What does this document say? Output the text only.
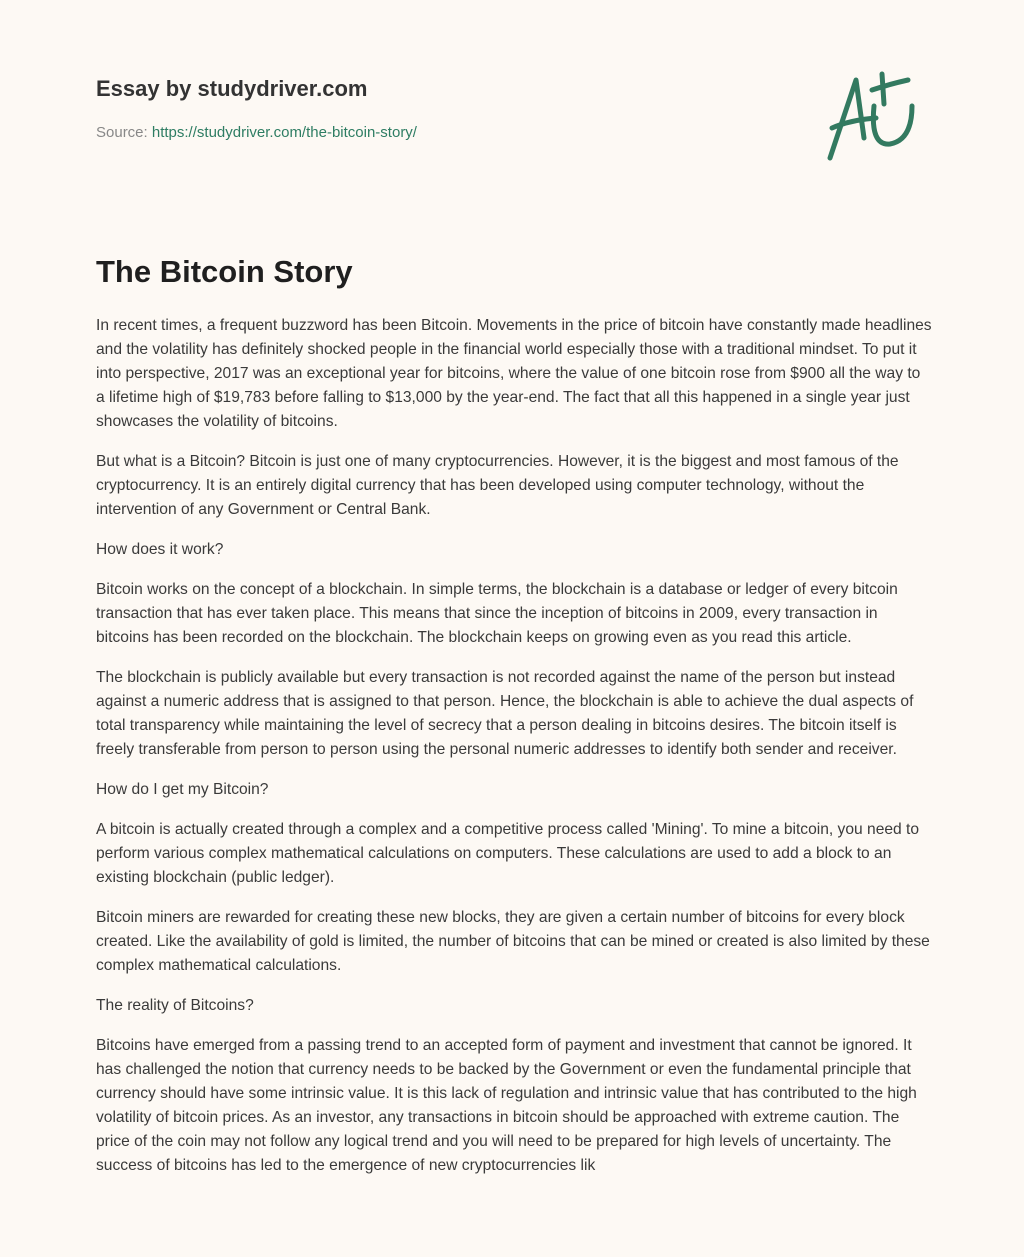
Essay by studydriver.com
Source: https://studydriver.com/the-bitcoin-story/
The Bitcoin Story

In recent times, a frequent buzzword has been Bitcoin. Movements in the price of bitcoin have constantly made headlines and the volatility has definitely shocked people in the financial world especially those with a traditional mindset. To put it into perspective, 2017 was an exceptional year for bitcoins, where the value of one bitcoin rose from $900 all the way to a lifetime high of $19,783 before falling to $13,000 by the year-end. The fact that all this happened in a single year just showcases the volatility of bitcoins.

But what is a Bitcoin? Bitcoin is just one of many cryptocurrencies. However, it is the biggest and most famous of the cryptocurrency. It is an entirely digital currency that has been developed using computer technology, without the intervention of any Government or Central Bank.

How does it work?

Bitcoin works on the concept of a blockchain. In simple terms, the blockchain is a database or ledger of every bitcoin transaction that has ever taken place. This means that since the inception of bitcoins in 2009, every transaction in bitcoins has been recorded on the blockchain. The blockchain keeps on growing even as you read this article.

The blockchain is publicly available but every transaction is not recorded against the name of the person but instead against a numeric address that is assigned to that person. Hence, the blockchain is able to achieve the dual aspects of total transparency while maintaining the level of secrecy that a person dealing in bitcoins desires. The bitcoin itself is freely transferable from person to person using the personal numeric addresses to identify both sender and receiver.

How do I get my Bitcoin?

A bitcoin is actually created through a complex and a competitive process called 'Mining'. To mine a bitcoin, you need to perform various complex mathematical calculations on computers. These calculations are used to add a block to an existing blockchain (public ledger).

Bitcoin miners are rewarded for creating these new blocks, they are given a certain number of bitcoins for every block created. Like the availability of gold is limited, the number of bitcoins that can be mined or created is also limited by these complex mathematical calculations.

The reality of Bitcoins?

Bitcoins have emerged from a passing trend to an accepted form of payment and investment that cannot be ignored. It has challenged the notion that currency needs to be backed by the Government or even the fundamental principle that currency should have some intrinsic value. It is this lack of regulation and intrinsic value that has contributed to the high volatility of bitcoin prices. As an investor, any transactions in bitcoin should be approached with extreme caution. The price of the coin may not follow any logical trend and you will need to be prepared for high levels of uncertainty. The success of bitcoins has led to the emergence of new cryptocurrencies lik
